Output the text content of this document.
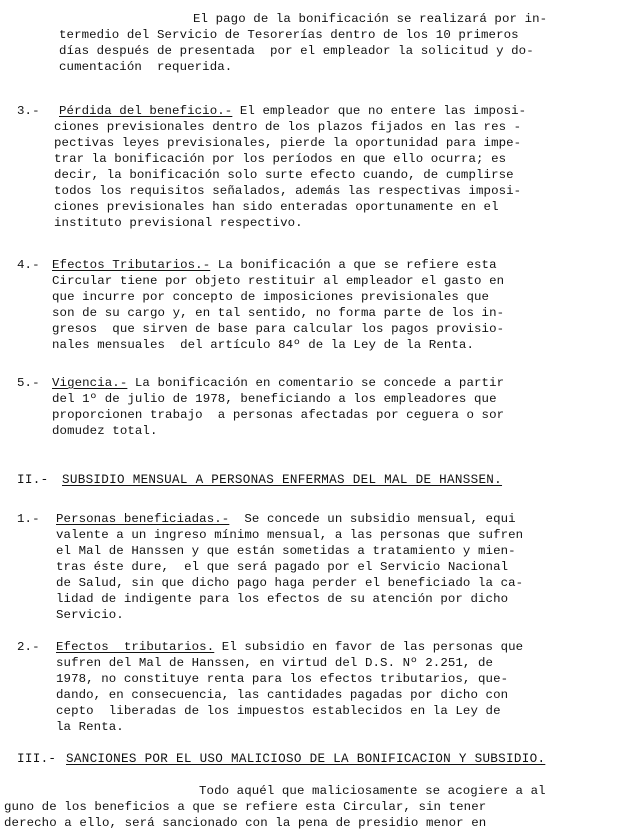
El pago de la bonificación se realizará por in-
termedio del Servicio de Tesorerías dentro de los 10 primeros
días después de presentada  por el empleador la solicitud y do-
cumentación  requerida.
3.- Pérdida del beneficio.- El empleador que no entere las imposi-
ciones previsionales dentro de los plazos fijados en las res -
pectivas leyes previsionales, pierde la oportunidad para impe-
trar la bonificación por los períodos en que ello ocurra; es
decir, la bonificación solo surte efecto cuando, de cumplirse
todos los requisitos señalados, además las respectivas imposi-
ciones previsionales han sido enteradas oportunamente en el
instituto previsional respectivo.
4.- Efectos Tributarios.- La bonificación a que se refiere esta
Circular tiene por objeto restituir al empleador el gasto en
que incurre por concepto de imposiciones previsionales que
son de su cargo y, en tal sentido, no forma parte de los in-
gresos  que sirven de base para calcular los pagos provisio-
nales mensuales  del artículo 84º de la Ley de la Renta.
5.- Vigencia.- La bonificación en comentario se concede a partir
del 1º de julio de 1978, beneficiando a los empleadores que
proporcionen trabajo  a personas afectadas por ceguera o sor
domudez total.
II.- SUBSIDIO MENSUAL A PERSONAS ENFERMAS DEL MAL DE HANSSEN.
1.- Personas beneficiadas.-  Se concede un subsidio mensual, equi
valente a un ingreso mínimo mensual, a las personas que sufren
el Mal de Hanssen y que están sometidas a tratamiento y mien-
tras éste dure,  el que será pagado por el Servicio Nacional
de Salud, sin que dicho pago haga perder el beneficiado la ca-
lidad de indigente para los efectos de su atención por dicho
Servicio.
2.- Efectos  tributarios. El subsidio en favor de las personas que
sufren del Mal de Hanssen, en virtud del D.S. Nº 2.251, de
1978, no constituye renta para los efectos tributarios, que-
dando, en consecuencia, las cantidades pagadas por dicho con
cepto  liberadas de los impuestos establecidos en la Ley de
la Renta.
III.- SANCIONES POR EL USO MALICIOSO DE LA BONIFICACION Y SUBSIDIO.
Todo aquél que maliciosamente se acogiere a al
guno de los beneficios a que se refiere esta Circular, sin tener
derecho a ello, será sancionado con la pena de presidio menor en
